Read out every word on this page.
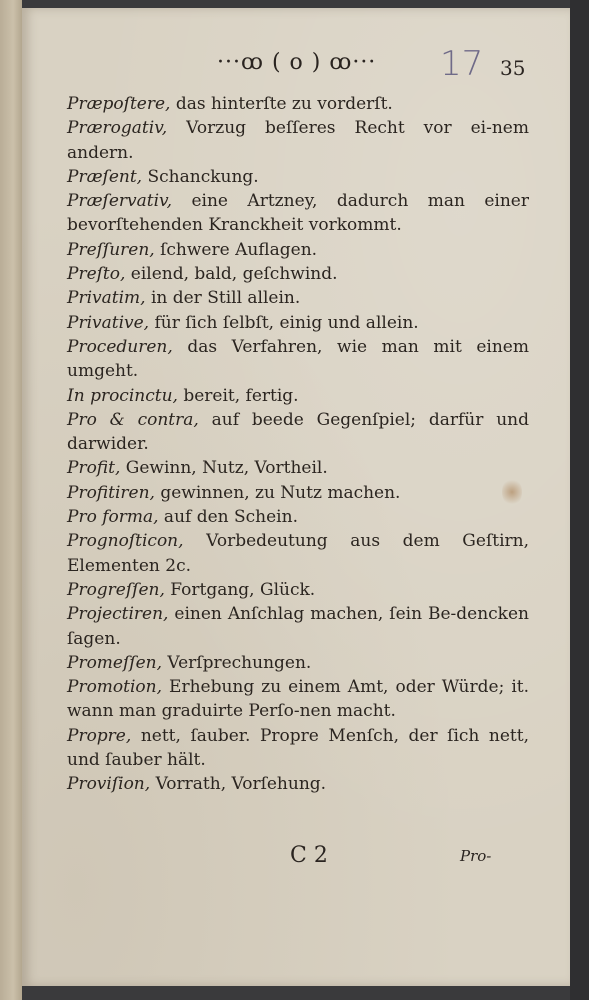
···ꝏ ( o ) ꝏ··· 17 35

Præpoſtere, das hinterſte zu vorderſt.

Prærogativ, Vorzug beſſeres Recht vor ei-nem andern.

Præſent, Schanckung.

Præſervativ, eine Artzney, dadurch man einer bevorſtehenden Kranckheit vorkommt.

Preſſuren, ſchwere Auflagen.

Preſto, eilend, bald, geſchwind.

Privatim, in der Still allein.

Privative, für ſich ſelbſt, einig und allein.

Proceduren, das Verfahren, wie man mit einem umgeht.

In procinctu, bereit, fertig.

Pro & contra, auf beede Gegenſpiel; darfür und darwider.

Profit, Gewinn, Nutz, Vortheil.

Profitiren, gewinnen, zu Nutz machen.

Pro forma, auf den Schein.

Prognoſticon, Vorbedeutung aus dem Geſtirn, Elementen 2c.

Progreſſen, Fortgang, Glück.

Projectiren, einen Anſchlag machen, ſein Be-dencken ſagen.

Promeſſen, Verſprechungen.

Promotion, Erhebung zu einem Amt, oder Würde; it. wann man graduirte Perſo-nen macht.

Propre, nett, ſauber. Propre Menſch, der ſich nett, und ſauber hält.

Proviſion, Vorrath, Vorſehung.

C 2	Pro-
